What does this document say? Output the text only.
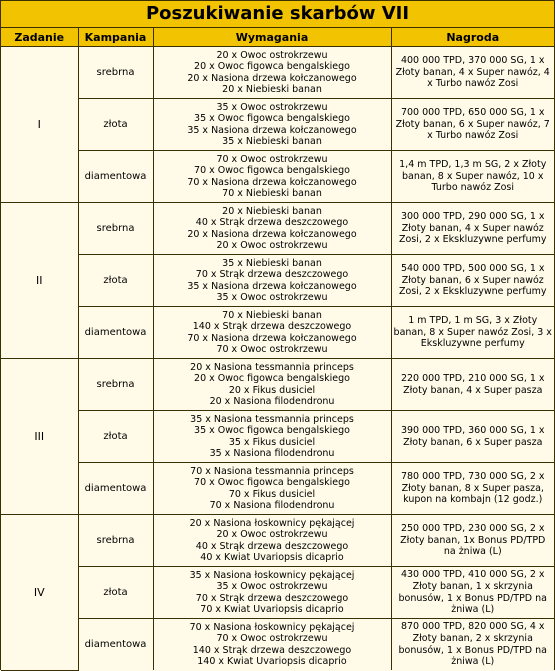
Poszukiwanie skarbów VII
Zadanie	Kampania	Wymagania	Nagroda
I	srebrna	20 x Owoc ostrokrzewu
20 x Owoc figowca bengalskiego
20 x Nasiona drzewa kołczanowego
20 x Niebieski banan	400 000 TPD, 370 000 SG, 1 x Złoty banan, 4 x Super nawóz, 4 x Turbo nawóz Zosi
	złota	35 x Owoc ostrokrzewu
35 x Owoc figowca bengalskiego
35 x Nasiona drzewa kołczanowego
35 x Niebieski banan	700 000 TPD, 650 000 SG, 1 x Złoty banan, 6 x Super nawóz, 7 x Turbo nawóz Zosi
	diamentowa	70 x Owoc ostrokrzewu
70 x Owoc figowca bengalskiego
70 x Nasiona drzewa kołczanowego
70 x Niebieski banan	1,4 m TPD, 1,3 m SG, 2 x Złoty banan, 8 x Super nawóz, 10 x Turbo nawóz Zosi
II	srebrna	20 x Niebieski banan
40 x Strąk drzewa deszczowego
20 x Nasiona drzewa kołczanowego
20 x Owoc ostrokrzewu	300 000 TPD, 290 000 SG, 1 x Złoty banan, 4 x Super nawóz Zosi, 2 x Ekskluzywne perfumy
	złota	35 x Niebieski banan
70 x Strąk drzewa deszczowego
35 x Nasiona drzewa kołczanowego
35 x Owoc ostrokrzewu	540 000 TPD, 500 000 SG, 1 x Złoty banan, 6 x Super nawóz Zosi, 2 x Ekskluzywne perfumy
	diamentowa	70 x Niebieski banan
140 x Strąk drzewa deszczowego
70 x Nasiona drzewa kołczanowego
70 x Owoc ostrokrzewu	1 m TPD, 1 m SG, 3 x Złoty banan, 8 x Super nawóz Zosi, 3 x Ekskluzywne perfumy
III	srebrna	20 x Nasiona tessmannia princeps
20 x Owoc figowca bengalskiego
20 x Fikus dusiciel
20 x Nasiona filodendronu	220 000 TPD, 210 000 SG, 1 x Złoty banan, 4 x Super pasza
	złota	35 x Nasiona tessmannia princeps
35 x Owoc figowca bengalskiego
35 x Fikus dusiciel
35 x Nasiona filodendronu	390 000 TPD, 360 000 SG, 1 x Złoty banan, 6 x Super pasza
	diamentowa	70 x Nasiona tessmannia princeps
70 x Owoc figowca bengalskiego
70 x Fikus dusiciel
70 x Nasiona filodendronu	780 000 TPD, 730 000 SG, 2 x Złoty banan, 8 x Super pasza, kupon na kombajn (12 godz.)
IV	srebrna	20 x Nasiona łoskownicy pękającej
20 x Owoc ostrokrzewu
40 x Strąk drzewa deszczowego
40 x Kwiat Uvariopsis dicaprio	250 000 TPD, 230 000 SG, 2 x Złoty banan, 1x Bonus PD/TPD na żniwa (L)
	złota	35 x Nasiona łoskownicy pękającej
35 x Owoc ostrokrzewu
70 x Strąk drzewa deszczowego
70 x Kwiat Uvariopsis dicaprio	430 000 TPD, 410 000 SG, 2 x Złoty banan, 1 x skrzynia bonusów, 1 x Bonus PD/TPD na żniwa (L)
	diamentowa	70 x Nasiona łoskownicy pękającej
70 x Owoc ostrokrzewu
140 x Strąk drzewa deszczowego
140 x Kwiat Uvariopsis dicaprio	870 000 TPD, 820 000 SG, 4 x Złoty banan, 2 x skrzynia bonusów, 1 x Bonus PD/TPD na żniwa (L)
